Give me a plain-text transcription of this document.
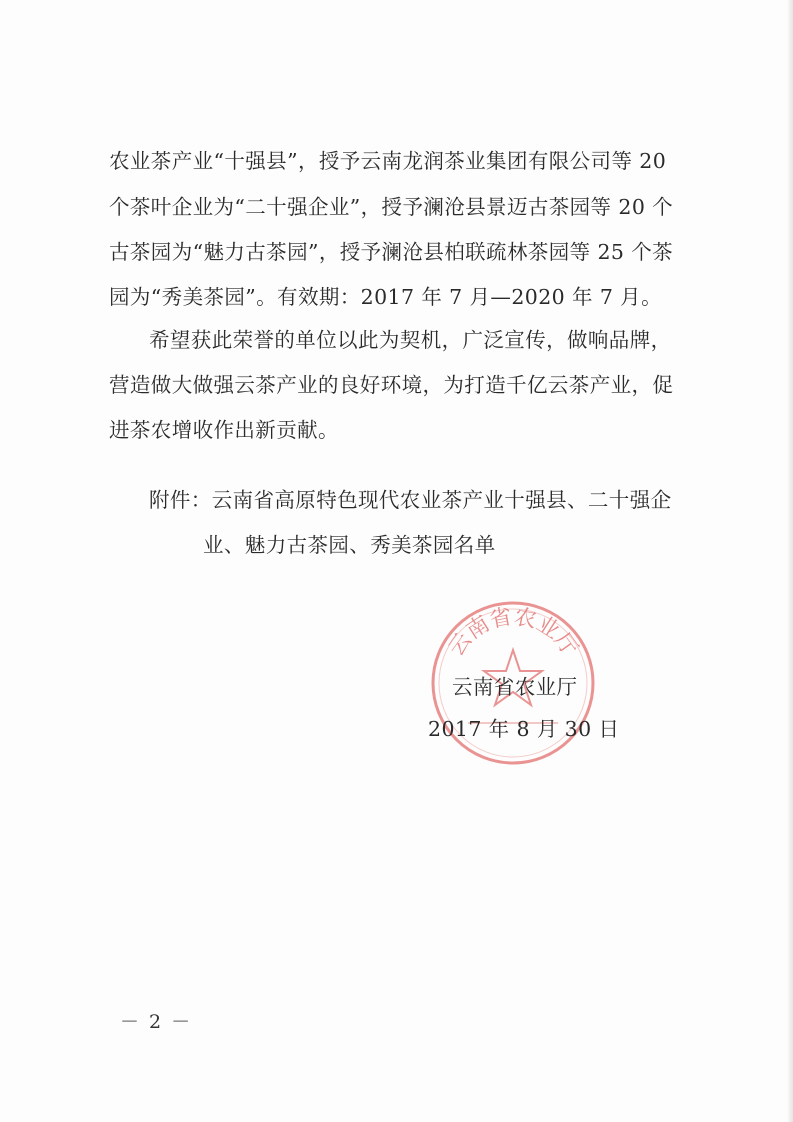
农业茶产业“十强县”，授予云南龙润茶业集团有限公司等 20
个茶叶企业为“二十强企业”，授予澜沧县景迈古茶园等 20 个
古茶园为“魅力古茶园”，授予澜沧县柏联疏林茶园等 25 个茶
园为“秀美茶园”。有效期：2017 年 7 月—2020 年 7 月。
希望获此荣誉的单位以此为契机，广泛宣传，做响品牌，
营造做大做强云茶产业的良好环境，为打造千亿云茶产业，促
进茶农增收作出新贡献。
附件：云南省高原特色现代农业茶产业十强县、二十强企
业、魅力古茶园、秀美茶园名单
云南省农业厅
云南省农业厅
2017 年 8 月 30 日
－ 2 －
